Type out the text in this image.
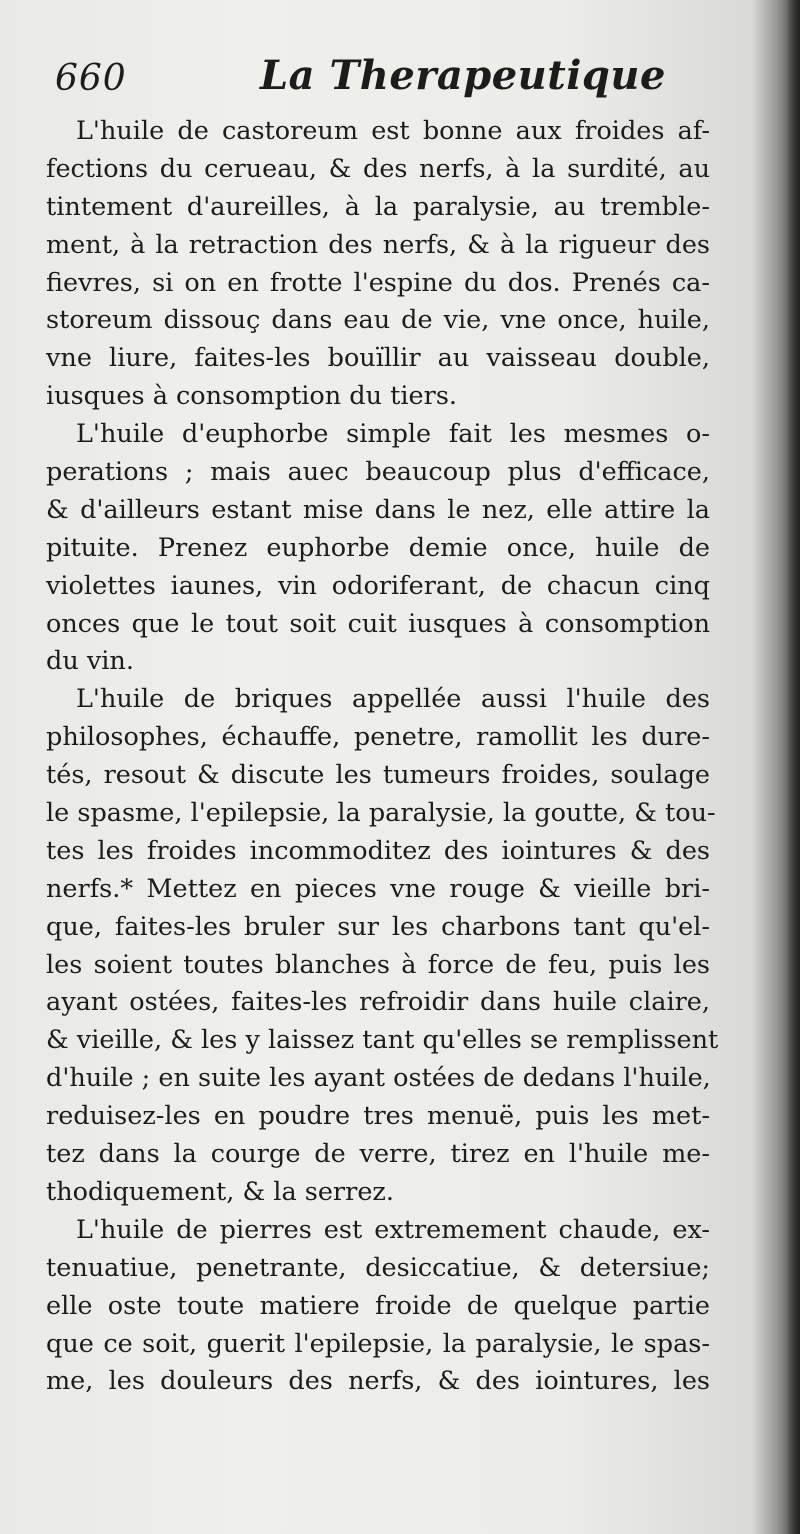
660	La Therapeutique
L'huile de castoreum est bonne aux froides af-
fections du cerueau, & des nerfs, à la surdité, au
tintement d'aureilles, à la paralysie, au tremble-
ment, à la retraction des nerfs, & à la rigueur des
fievres, si on en frotte l'espine du dos. Prenés ca-
storeum dissouç dans eau de vie, vne once, huile,
vne liure, faites-les bouïllir au vaisseau double,
iusques à consomption du tiers.
L'huile d'euphorbe simple fait les mesmes o-
perations ; mais auec beaucoup plus d'efficace,
& d'ailleurs estant mise dans le nez, elle attire la
pituite. Prenez euphorbe demie once, huile de
violettes iaunes, vin odoriferant, de chacun cinq
onces que le tout soit cuit iusques à consomption
du vin.
L'huile de briques appellée aussi l'huile des
philosophes, échauffe, penetre, ramollit les dure-
tés, resout & discute les tumeurs froides, soulage
le spasme, l'epilepsie, la paralysie, la goutte, & tou-
tes les froides incommoditez des iointures & des
nerfs.* Mettez en pieces vne rouge & vieille bri-
que, faites-les bruler sur les charbons tant qu'el-
les soient toutes blanches à force de feu, puis les
ayant ostées, faites-les refroidir dans huile claire,
& vieille, & les y laissez tant qu'elles se remplissent
d'huile ; en suite les ayant ostées de dedans l'huile,
reduisez-les en poudre tres menuë, puis les met-
tez dans la courge de verre, tirez en l'huile me-
thodiquement, & la serrez.
L'huile de pierres est extremement chaude, ex-
tenuatiue, penetrante, desiccatiue, & detersiue;
elle oste toute matiere froide de quelque partie
que ce soit, guerit l'epilepsie, la paralysie, le spas-
me, les douleurs des nerfs, & des iointures, les
